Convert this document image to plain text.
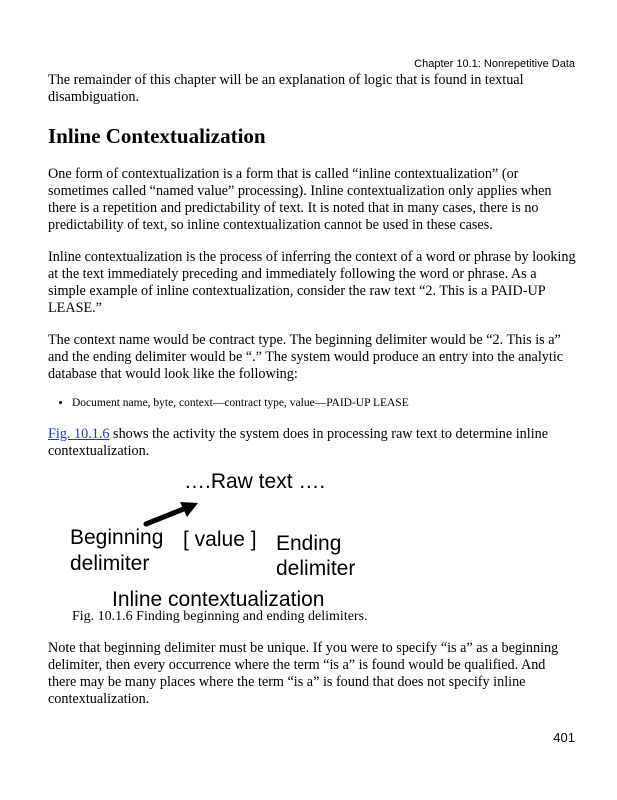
Chapter 10.1: Nonrepetitive Data

The remainder of this chapter will be an explanation of logic that is found in textual disambiguation.

Inline Contextualization

One form of contextualization is a form that is called “inline contextualization” (or sometimes called “named value” processing). Inline contextualization only applies when there is a repetition and predictability of text. It is noted that in many cases, there is no predictability of text, so inline contextualization cannot be used in these cases.

Inline contextualization is the process of inferring the context of a word or phrase by looking at the text immediately preceding and immediately following the word or phrase. As a simple example of inline contextualization, consider the raw text “2. This is a PAID-UP LEASE.”

The context name would be contract type. The beginning delimiter would be “2. This is a” and the ending delimiter would be “.” The system would produce an entry into the analytic database that would look like the following:

• Document name, byte, context—contract type, value—PAID-UP LEASE

Fig. 10.1.6 shows the activity the system does in processing raw text to determine inline contextualization.

….Raw text ….
Beginning
delimiter
[ value ] Ending
delimiter
Inline contextualization
Fig. 10.1.6 Finding beginning and ending delimiters.

Note that beginning delimiter must be unique. If you were to specify “is a” as a beginning delimiter, then every occurrence where the term “is a” is found would be qualified. And there may be many places where the term “is a” is found that does not specify inline contextualization.

401
